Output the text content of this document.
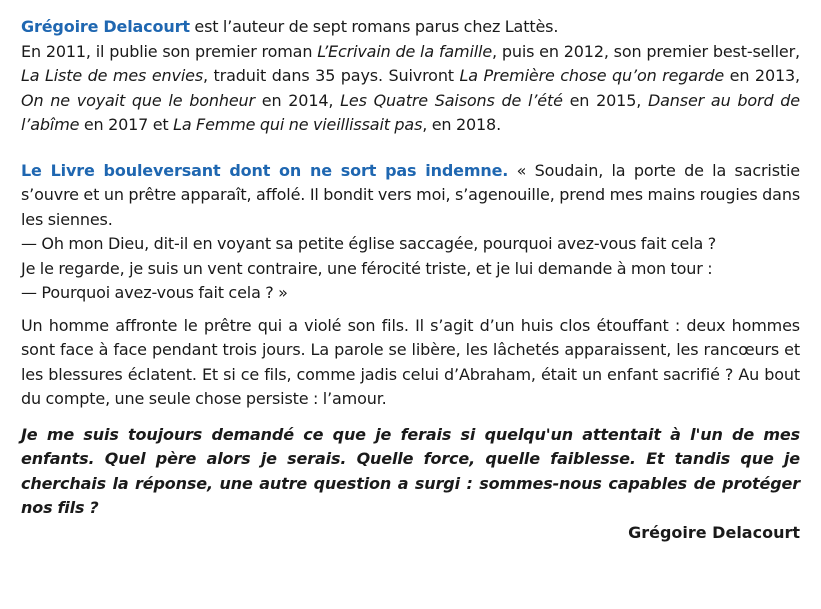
Grégoire Delacourt est l’auteur de sept romans parus chez Lattès.
En 2011, il publie son premier roman L’Ecrivain de la famille, puis en 2012, son premier best-seller, La Liste de mes envies, traduit dans 35 pays. Suivront La Première chose qu’on regarde en 2013, On ne voyait que le bonheur en 2014, Les Quatre Saisons de l’été en 2015, Danser au bord de l’abîme en 2017 et La Femme qui ne vieillissait pas, en 2018.

Le Livre bouleversant dont on ne sort pas indemne. « Soudain, la porte de la sacristie s’ouvre et un prêtre apparaît, affolé. Il bondit vers moi, s’agenouille, prend mes mains rougies dans les siennes.
— Oh mon Dieu, dit-il en voyant sa petite église saccagée, pourquoi avez-vous fait cela ?
Je le regarde, je suis un vent contraire, une férocité triste, et je lui demande à mon tour :
— Pourquoi avez-vous fait cela ? »

Un homme affronte le prêtre qui a violé son fils. Il s’agit d’un huis clos étouffant : deux hommes sont face à face pendant trois jours. La parole se libère, les lâchetés apparaissent, les rancœurs et les blessures éclatent. Et si ce fils, comme jadis celui d’Abraham, était un enfant sacrifié ? Au bout du compte, une seule chose persiste : l’amour.

Je me suis toujours demandé ce que je ferais si quelqu'un attentait à l'un de mes enfants. Quel père alors je serais. Quelle force, quelle faiblesse. Et tandis que je cherchais la réponse, une autre question a surgi : sommes-nous capables de protéger nos fils ?

Grégoire Delacourt
